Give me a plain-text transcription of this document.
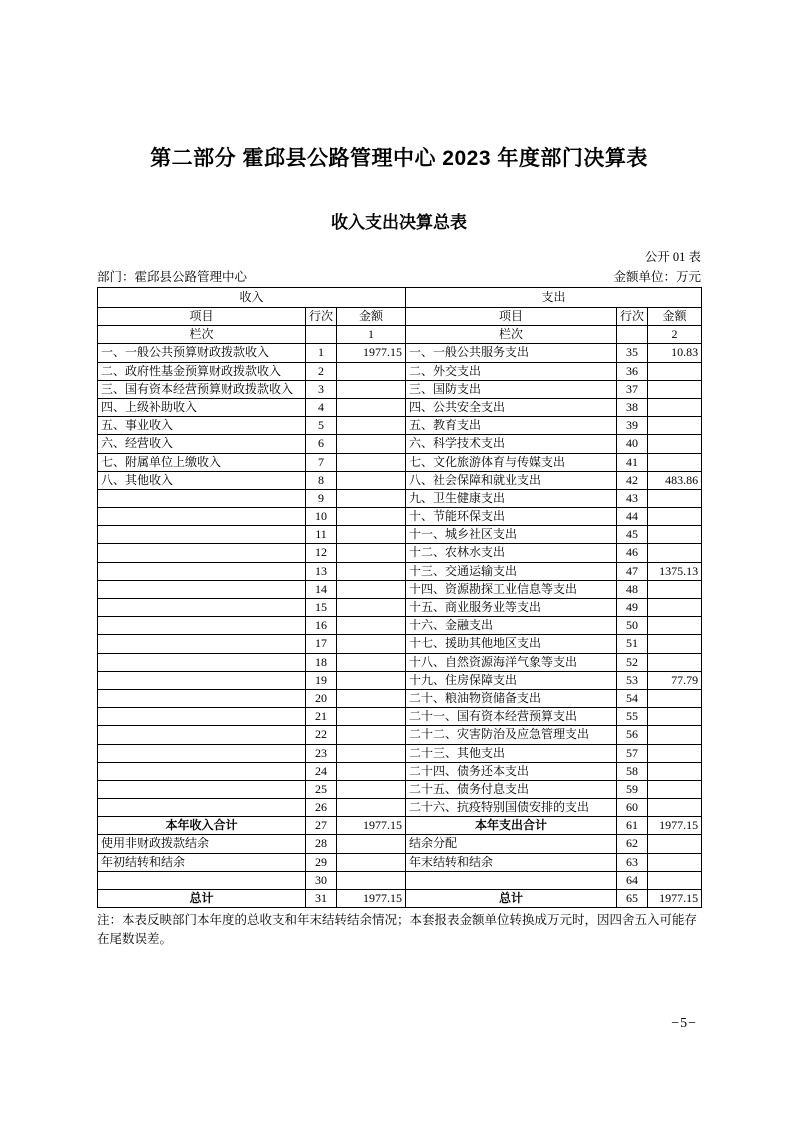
第二部分 霍邱县公路管理中心 2023 年度部门决算表
收入支出决算总表
公开 01 表
部门：霍邱县公路管理中心	金额单位：万元
收入			支出		
项目	行次	金额	项目	行次	金额
栏次		1	栏次		2
一、一般公共预算财政拨款收入	1	1977.15	一、一般公共服务支出	35	10.83
二、政府性基金预算财政拨款收入	2		二、外交支出	36	
三、国有资本经营预算财政拨款收入	3		三、国防支出	37	
四、上级补助收入	4		四、公共安全支出	38	
五、事业收入	5		五、教育支出	39	
六、经营收入	6		六、科学技术支出	40	
七、附属单位上缴收入	7		七、文化旅游体育与传媒支出	41	
八、其他收入	8		八、社会保障和就业支出	42	483.86
	9		九、卫生健康支出	43	
	10		十、节能环保支出	44	
	11		十一、城乡社区支出	45	
	12		十二、农林水支出	46	
	13		十三、交通运输支出	47	1375.13
	14		十四、资源勘探工业信息等支出	48	
	15		十五、商业服务业等支出	49	
	16		十六、金融支出	50	
	17		十七、援助其他地区支出	51	
	18		十八、自然资源海洋气象等支出	52	
	19		十九、住房保障支出	53	77.79
	20		二十、粮油物资储备支出	54	
	21		二十一、国有资本经营预算支出	55	
	22		二十二、灾害防治及应急管理支出	56	
	23		二十三、其他支出	57	
	24		二十四、债务还本支出	58	
	25		二十五、债务付息支出	59	
	26		二十六、抗疫特别国债安排的支出	60	
本年收入合计	27	1977.15	本年支出合计	61	1977.15
使用非财政拨款结余	28		结余分配	62	
年初结转和结余	29		年末结转和结余	63	
	30			64	
总计	31	1977.15	总计	65	1977.15
注：本表反映部门本年度的总收支和年末结转结余情况；本套报表金额单位转换成万元时，因四舍五入可能存在尾数误差。
−5−
